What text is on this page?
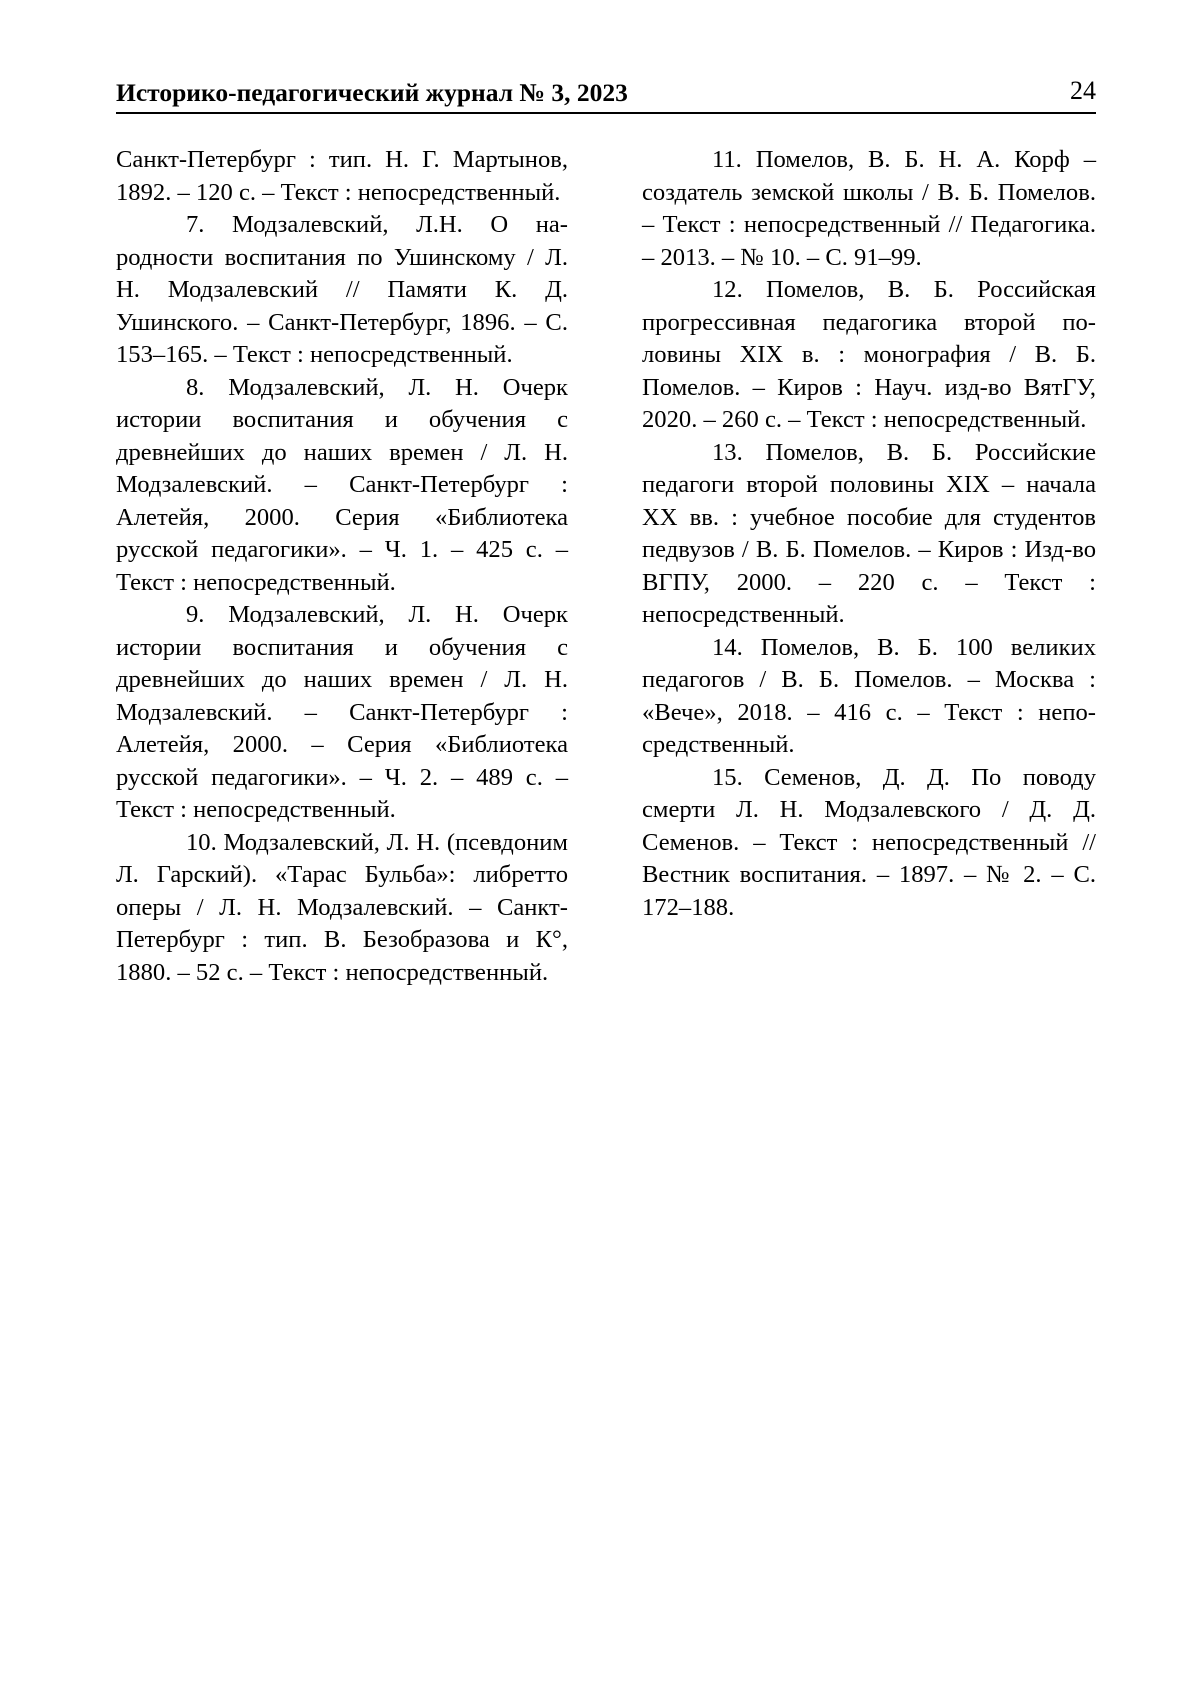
Историко-педагогический журнал № 3, 2023	24

Санкт-Петербург : тип. Н. Г. Мартынов, 1892. – 120 с. – Текст : непосредственный.

7. Модзалевский, Л.Н. О народности воспитания по Ушинскому / Л. Н. Модзалевский // Памяти К. Д. Ушинского. – Санкт-Петербург, 1896. – С. 153–165. – Текст : непосредственный.

8. Модзалевский, Л. Н. Очерк истории воспитания и обучения с древнейших до наших времен / Л. Н. Модзалевский. – Санкт-Петербург : Алетейя, 2000. Серия «Библиотека русской педагогики». – Ч. 1. – 425 с. – Текст : непосредственный.

9. Модзалевский, Л. Н. Очерк истории воспитания и обучения с древнейших до наших времен / Л. Н. Модзалевский. – Санкт-Петербург : Алетейя, 2000. – Серия «Библиотека русской педагогики». – Ч. 2. – 489 с. – Текст : непосредственный.

10. Модзалевский, Л. Н. (псевдоним Л. Гарский). «Тарас Бульба»: либретто оперы / Л. Н. Модзалевский. – Санкт-Петербург : тип. В. Безобразова и К°, 1880. – 52 с. – Текст : непосредственный.

11. Помелов, В. Б. Н. А. Корф – создатель земской школы / В. Б. Помелов. – Текст : непосредственный // Педагогика. – 2013. – № 10. – С. 91–99.

12. Помелов, В. Б. Российская прогрессивная педагогика второй половины XIX в. : монография / В. Б. Помелов. – Киров : Науч. изд-во ВятГУ, 2020. – 260 с. – Текст : непосредственный.

13. Помелов, В. Б. Российские педагоги второй половины XIX – начала XX вв. : учебное пособие для студентов педвузов / В. Б. Помелов. – Киров : Изд-во ВГПУ, 2000. – 220 с. – Текст : непосредственный.

14. Помелов, В. Б. 100 великих педагогов / В. Б. Помелов. – Москва : «Вече», 2018. – 416 с. – Текст : непосредственный.

15. Семенов, Д. Д. По поводу смерти Л. Н. Модзалевского / Д. Д. Семенов. – Текст : непосредственный // Вестник воспитания. – 1897. – № 2. – С. 172–188.
